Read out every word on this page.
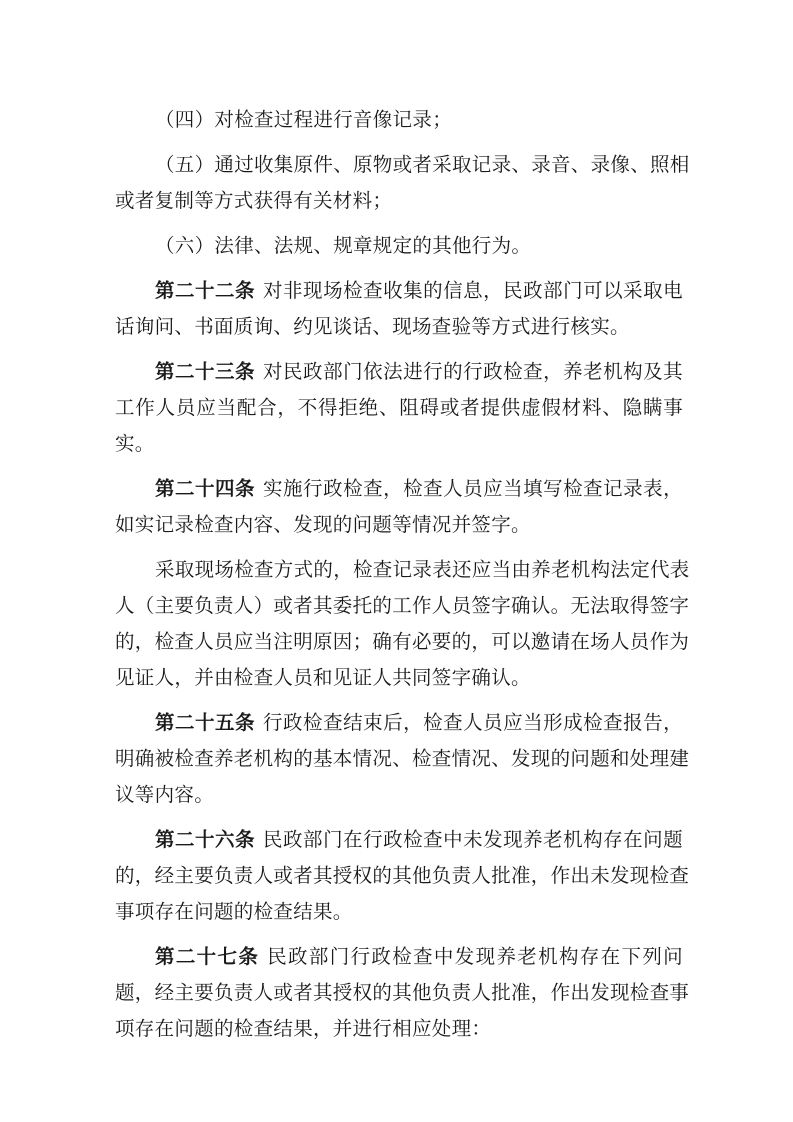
（四）对检查过程进行音像记录；
（五）通过收集原件、原物或者采取记录、录音、录像、照相
或者复制等方式获得有关材料；
（六）法律、法规、规章规定的其他行为。
第二十二条 对非现场检查收集的信息，民政部门可以采取电
话询问、书面质询、约见谈话、现场查验等方式进行核实。
第二十三条 对民政部门依法进行的行政检查，养老机构及其
工作人员应当配合，不得拒绝、阻碍或者提供虚假材料、隐瞒事
实。
第二十四条 实施行政检查，检查人员应当填写检查记录表，
如实记录检查内容、发现的问题等情况并签字。
采取现场检查方式的，检查记录表还应当由养老机构法定代表
人（主要负责人）或者其委托的工作人员签字确认。无法取得签字
的，检查人员应当注明原因；确有必要的，可以邀请在场人员作为
见证人，并由检查人员和见证人共同签字确认。
第二十五条 行政检查结束后，检查人员应当形成检查报告，
明确被检查养老机构的基本情况、检查情况、发现的问题和处理建
议等内容。
第二十六条 民政部门在行政检查中未发现养老机构存在问题
的，经主要负责人或者其授权的其他负责人批准，作出未发现检查
事项存在问题的检查结果。
第二十七条 民政部门行政检查中发现养老机构存在下列问
题，经主要负责人或者其授权的其他负责人批准，作出发现检查事
项存在问题的检查结果，并进行相应处理：
